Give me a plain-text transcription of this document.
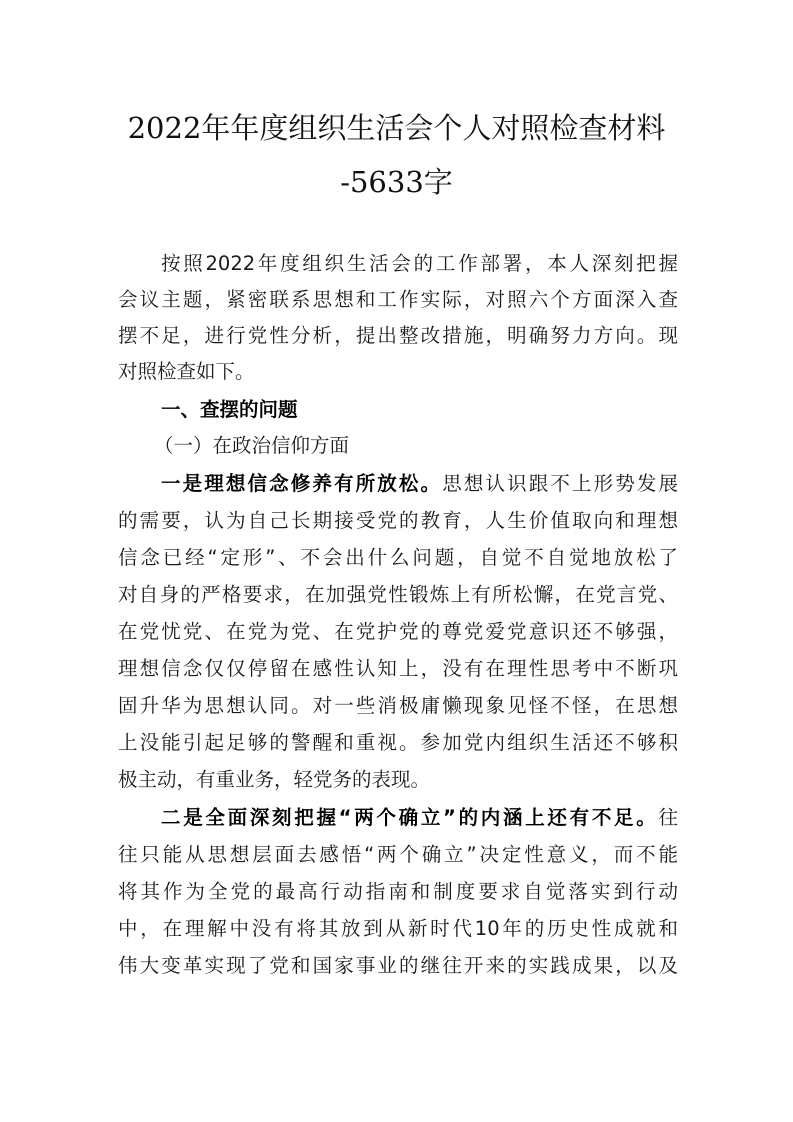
2022年年度组织生活会个人对照检查材料
-5633字
按照2022年度组织生活会的工作部署，本人深刻把握
会议主题，紧密联系思想和工作实际，对照六个方面深入查
摆不足，进行党性分析，提出整改措施，明确努力方向。现
对照检查如下。
一、查摆的问题
（一）在政治信仰方面
一是理想信念修养有所放松。思想认识跟不上形势发展
的需要，认为自己长期接受党的教育，人生价值取向和理想
信念已经“定形”、不会出什么问题，自觉不自觉地放松了
对自身的严格要求，在加强党性锻炼上有所松懈，在党言党、
在党忧党、在党为党、在党护党的尊党爱党意识还不够强，
理想信念仅仅停留在感性认知上，没有在理性思考中不断巩
固升华为思想认同。对一些消极庸懒现象见怪不怪，在思想
上没能引起足够的警醒和重视。参加党内组织生活还不够积
极主动，有重业务，轻党务的表现。
二是全面深刻把握“两个确立”的内涵上还有不足。往
往只能从思想层面去感悟“两个确立”决定性意义，而不能
将其作为全党的最高行动指南和制度要求自觉落实到行动
中，在理解中没有将其放到从新时代10年的历史性成就和
伟大变革实现了党和国家事业的继往开来的实践成果，以及
